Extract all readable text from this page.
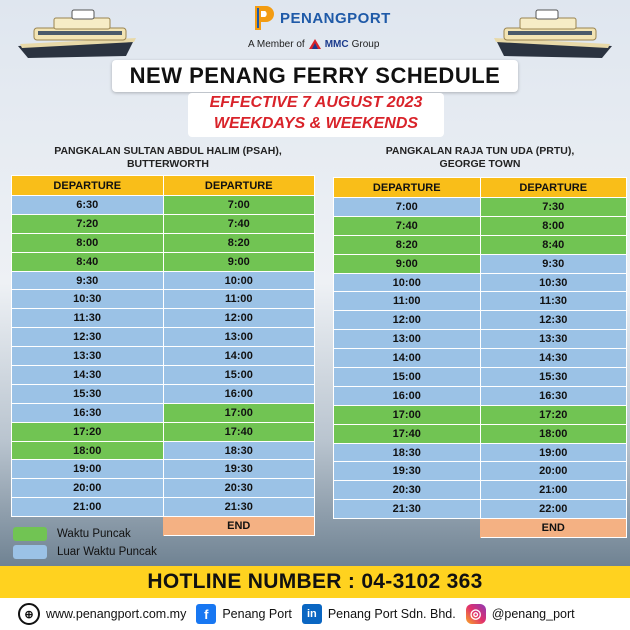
PENANGPORT
A Member of MMC Group
NEW PENANG FERRY SCHEDULE
EFFECTIVE 7 AUGUST 2023
WEEKDAYS & WEEKENDS
PANGKALAN SULTAN ABDUL HALIM (PSAH),
BUTTERWORTH
PANGKALAN RAJA TUN UDA (PRTU),
GEORGE TOWN
DEPARTURE	DEPARTURE
6:30	7:00
7:20	7:40
8:00	8:20
8:40	9:00
9:30	10:00
10:30	11:00
11:30	12:00
12:30	13:00
13:30	14:00
14:30	15:00
15:30	16:00
16:30	17:00
17:20	17:40
18:00	18:30
19:00	19:30
20:00	20:30
21:00	21:30
	END
DEPARTURE	DEPARTURE
7:00	7:30
7:40	8:00
8:20	8:40
9:00	9:30
10:00	10:30
11:00	11:30
12:00	12:30
13:00	13:30
14:00	14:30
15:00	15:30
16:00	16:30
17:00	17:20
17:40	18:00
18:30	19:00
19:30	20:00
20:30	21:00
21:30	22:00
	END
Waktu Puncak
Luar Waktu Puncak
HOTLINE NUMBER : 04-3102 363
⊕ www.penangport.com.my	f	Penang Port	in Penang Port Sdn. Bhd.	◎ @penang_port
